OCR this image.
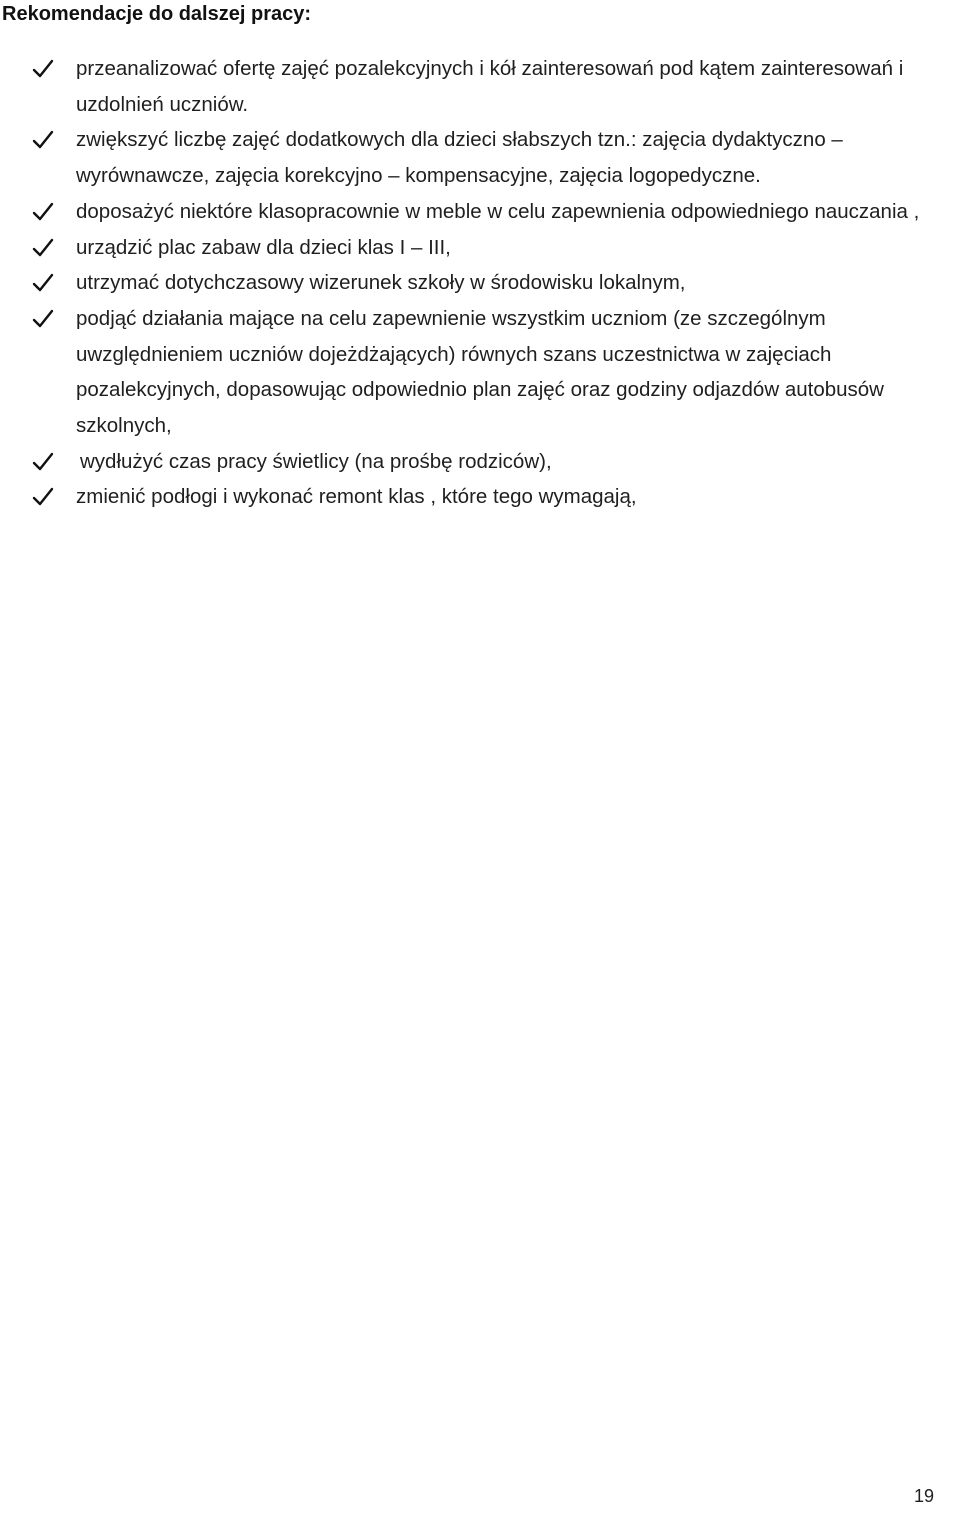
Rekomendacje do dalszej pracy:
przeanalizować ofertę zajęć pozalekcyjnych i kół zainteresowań pod kątem zainteresowań i uzdolnień uczniów.
zwiększyć liczbę zajęć dodatkowych dla dzieci słabszych tzn.: zajęcia dydaktyczno – wyrównawcze, zajęcia korekcyjno – kompensacyjne, zajęcia logopedyczne.
doposażyć niektóre klasopracownie w meble w celu zapewnienia odpowiedniego nauczania ,
urządzić plac zabaw dla dzieci klas I – III,
utrzymać dotychczasowy wizerunek szkoły w środowisku lokalnym,
podjąć działania mające na celu zapewnienie wszystkim uczniom (ze szczególnym uwzględnieniem uczniów dojeżdżających) równych szans uczestnictwa w zajęciach pozalekcyjnych, dopasowując odpowiednio plan zajęć oraz godziny odjazdów autobusów szkolnych,
wydłużyć czas pracy świetlicy (na prośbę rodziców),
zmienić podłogi i wykonać remont klas , które tego wymagają,
19
